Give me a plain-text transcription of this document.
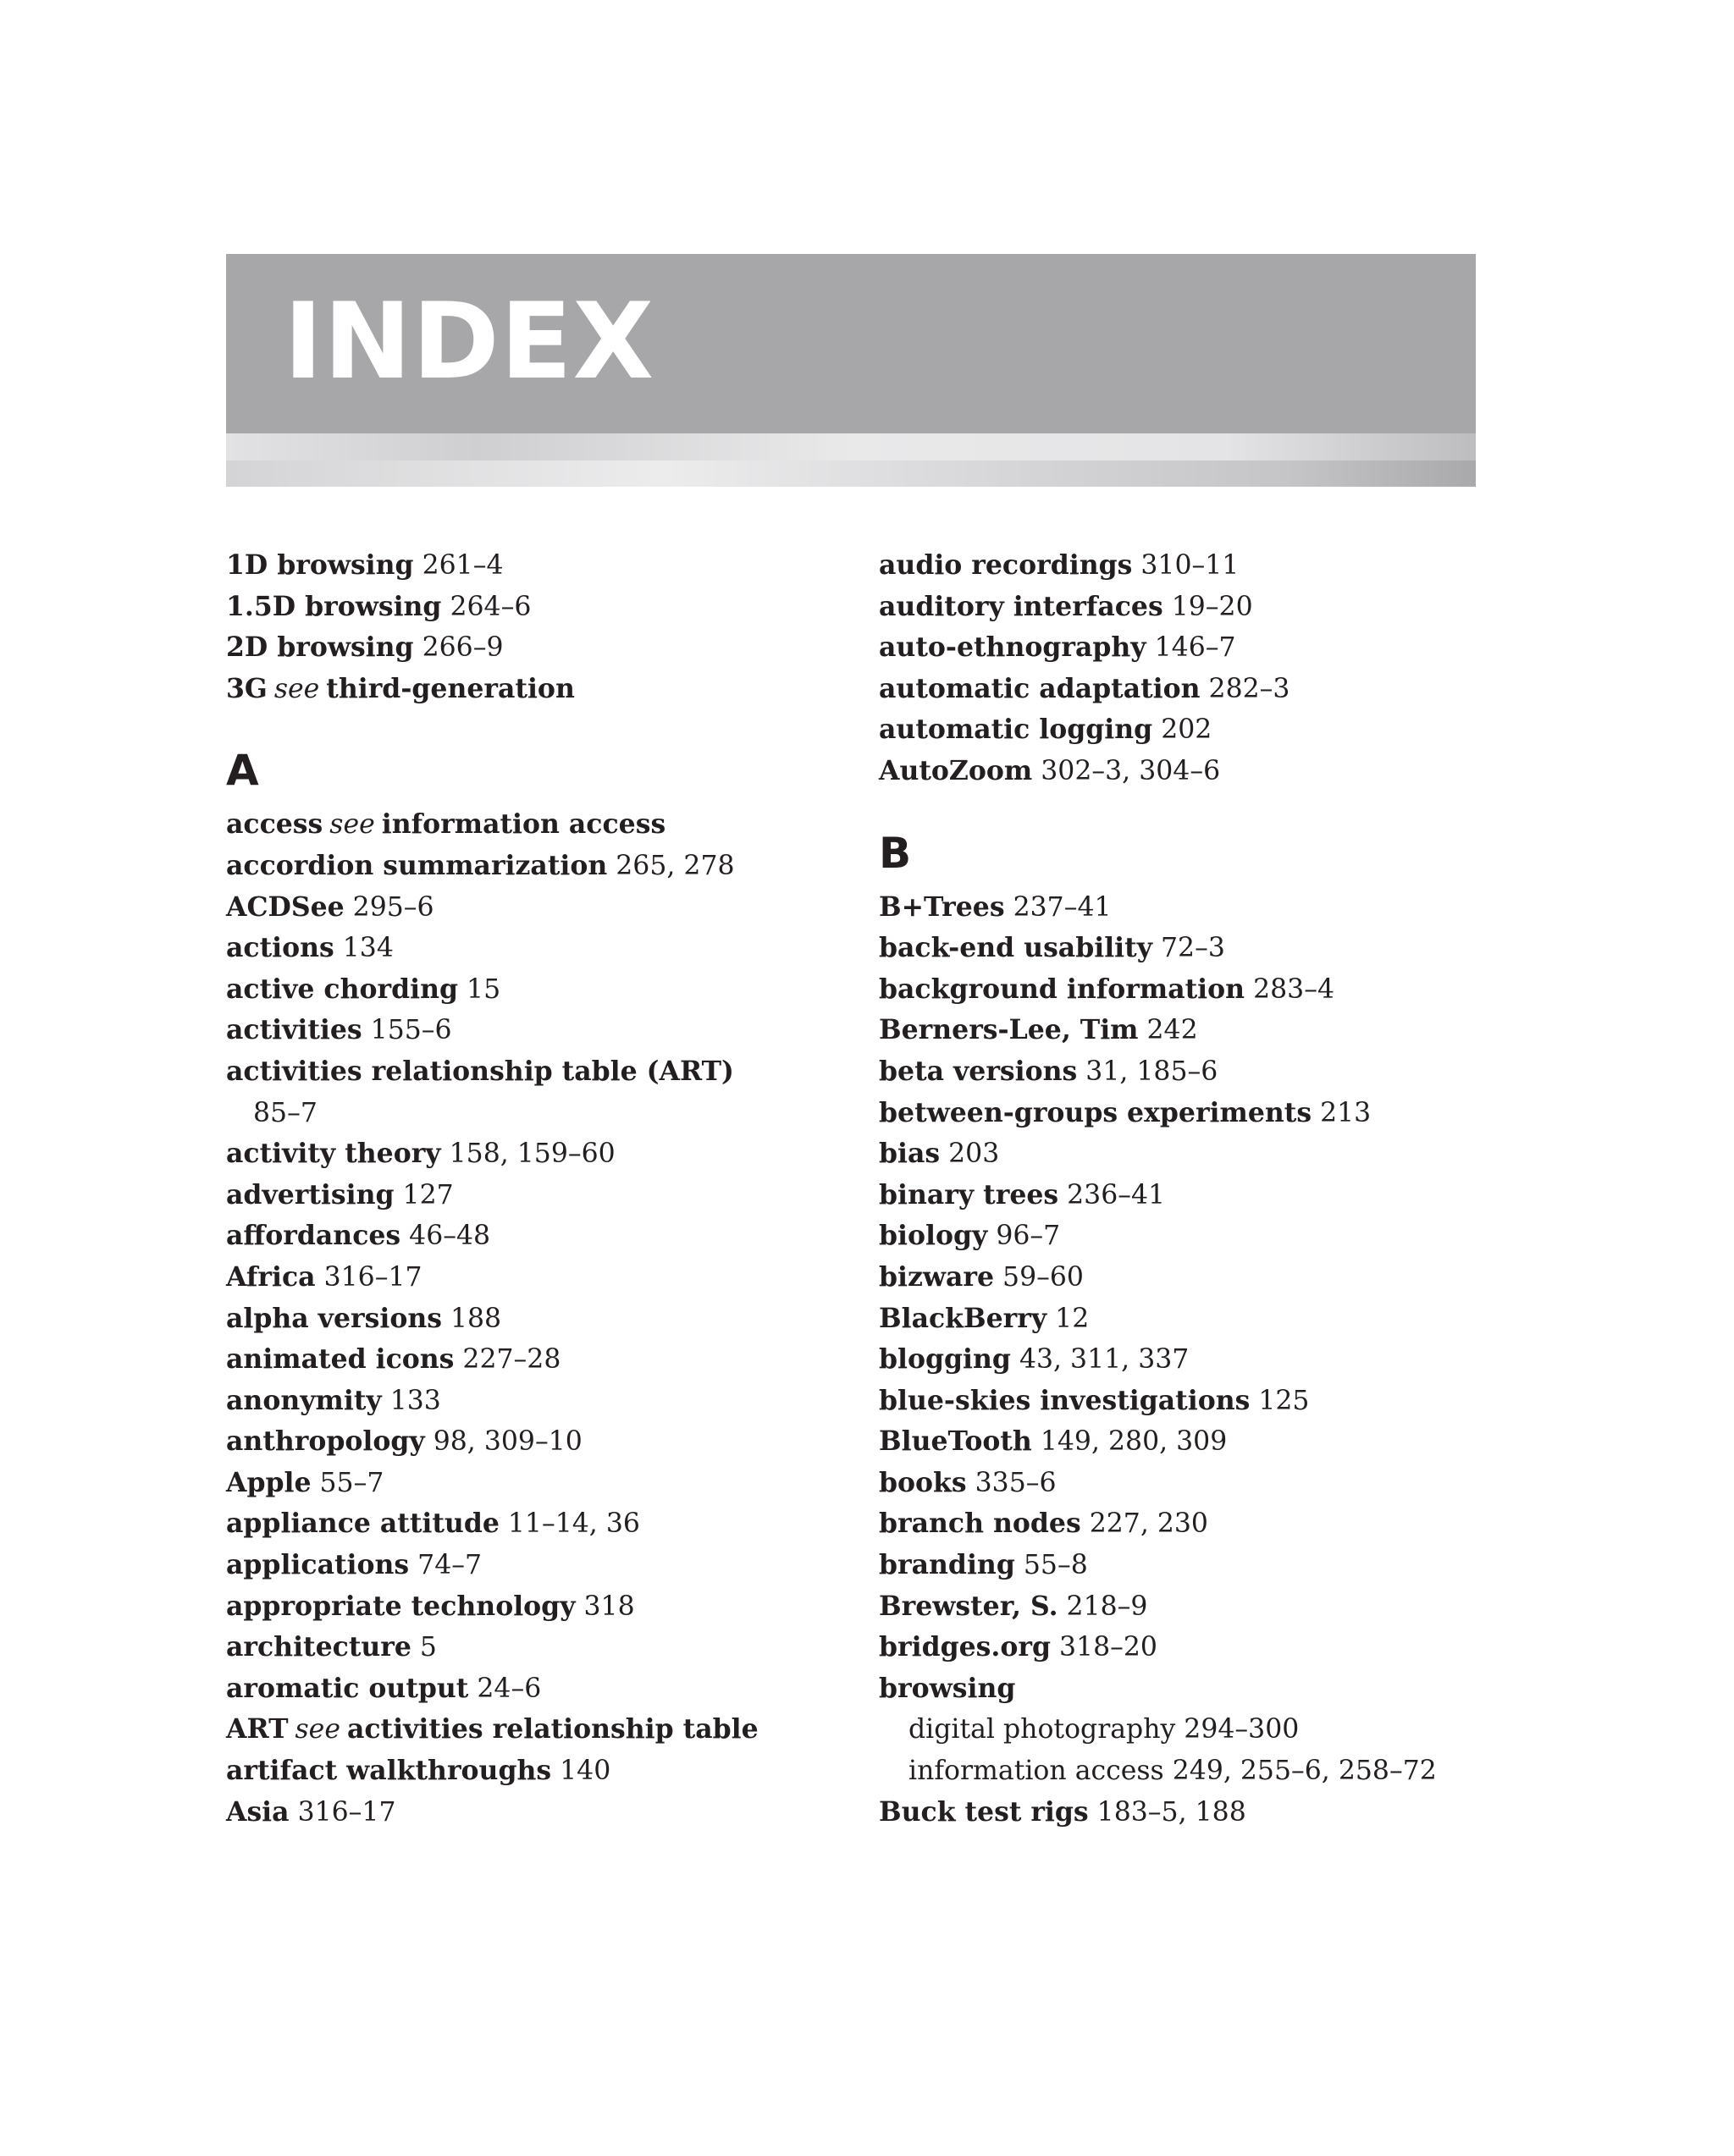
INDEX
1D browsing 261–4
1.5D browsing 264–6
2D browsing 266–9
3G see third-generation
A
access see information access
accordion summarization 265, 278
ACDSee 295–6
actions 134
active chording 15
activities 155–6
activities relationship table (ART)
85–7
activity theory 158, 159–60
advertising 127
affordances 46–48
Africa 316–17
alpha versions 188
animated icons 227–28
anonymity 133
anthropology 98, 309–10
Apple 55–7
appliance attitude 11–14, 36
applications 74–7
appropriate technology 318
architecture 5
aromatic output 24–6
ART see activities relationship table
artifact walkthroughs 140
Asia 316–17
audio recordings 310–11
auditory interfaces 19–20
auto-ethnography 146–7
automatic adaptation 282–3
automatic logging 202
AutoZoom 302–3, 304–6
B
B+Trees 237–41
back-end usability 72–3
background information 283–4
Berners-Lee, Tim 242
beta versions 31, 185–6
between-groups experiments 213
bias 203
binary trees 236–41
biology 96–7
bizware 59–60
BlackBerry 12
blogging 43, 311, 337
blue-skies investigations 125
BlueTooth 149, 280, 309
books 335–6
branch nodes 227, 230
branding 55–8
Brewster, S. 218–9
bridges.org 318–20
browsing
digital photography 294–300
information access 249, 255–6, 258–72
Buck test rigs 183–5, 188
